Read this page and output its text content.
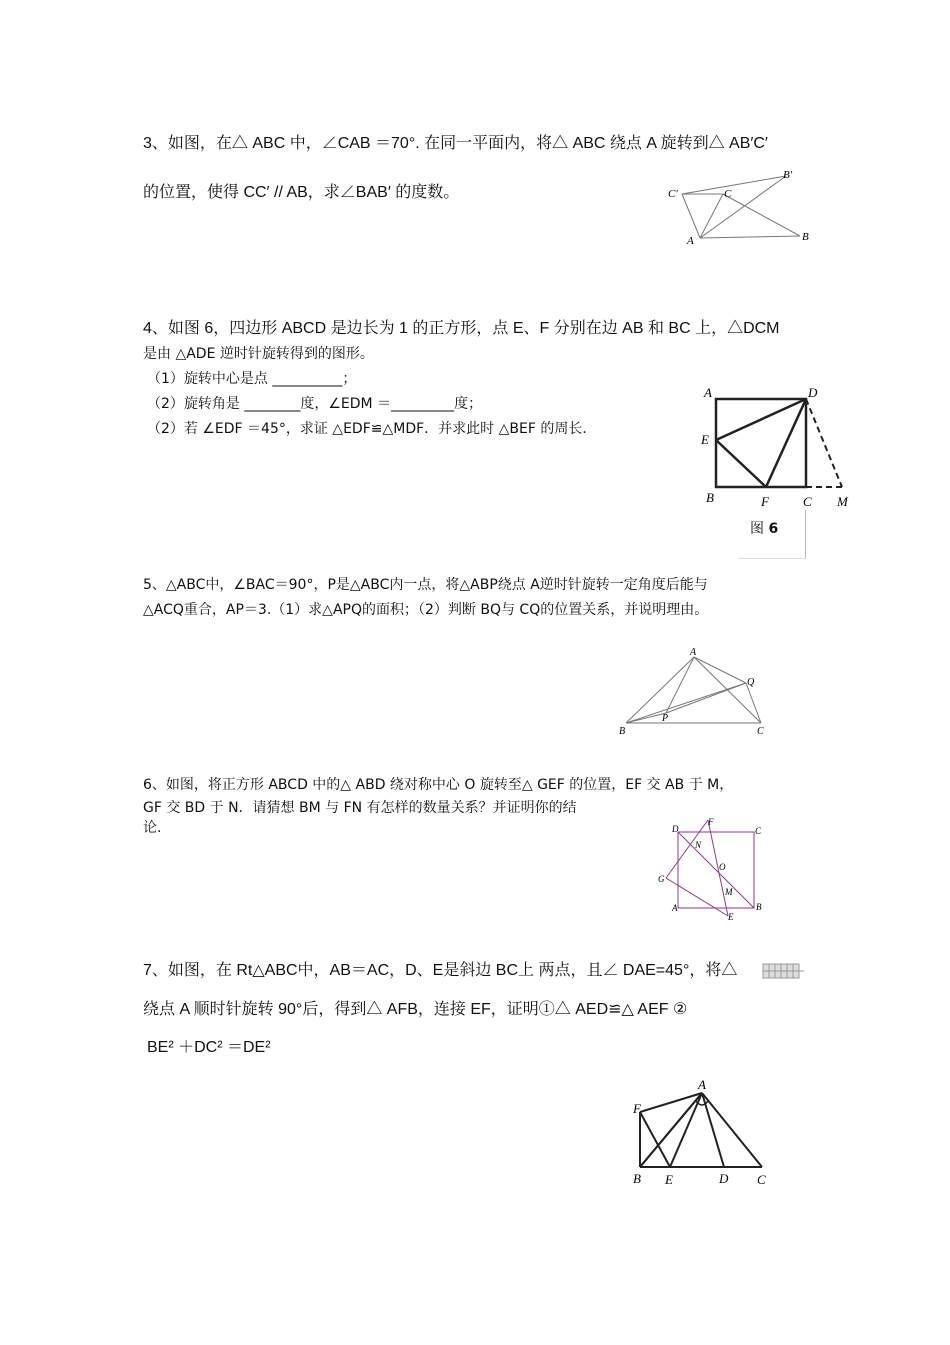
3、如图，在△ ABC 中，∠CAB ＝70°. 在同一平面内，将△ ABC 绕点 A 旋转到△ AB′C′
的位置，使得 CC′ // AB，求∠BAB′ 的度数。	C′	C
B′
A	B
4、如图 6，四边形 ABCD 是边长为 1 的正方形，点 E、F 分别在边 AB 和 BC 上，△DCM
是由 △ADE 逆时针旋转得到的图形。
（1）旋转中心是点 __________；
（2）旋转角是 ________度，∠EDM ＝_________度；
（2）若 ∠EDF ＝45°，求证 △EDF≌△MDF．并求此时 △BEF 的周长．
A	D
E
B	F	C M
图 6
5、△ABC中，∠BAC＝90°，P是△ABC内一点，将△ABP绕点 A逆时针旋转一定角度后能与
△ACQ重合，AP＝3.（1）求△APQ的面积；（2）判断 BQ与 CQ的位置关系，并说明理由。
A
Q
P
B	C
6、如图，将正方形 ABCD 中的△ ABD 绕对称中心 O 旋转至△ GEF 的位置，EF 交 AB 于 M，
GF 交 BD 于 N．请猜想 BM 与 FN 有怎样的数量关系？并证明你的结
论.	D
F
C
N
O
G
M
A
E
B
7、如图，在 Rt△ABC中，AB＝AC，D、E是斜边 BC上 两点，且∠ DAE=45°，将△
绕点 A 顺时针旋转 90°后，得到△ AFB，连接 EF，证明①△ AED≌△ AEF ②
BE² ＋DC² ＝DE²
A
F
B E	D C
